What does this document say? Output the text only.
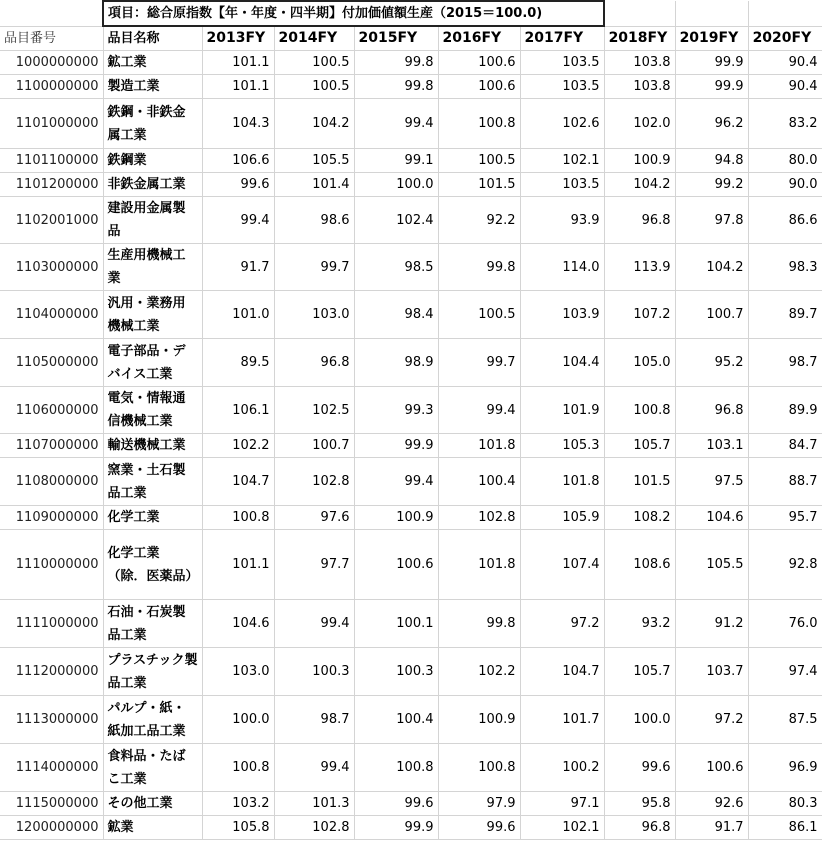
	項目：総合原指数【年・年度・四半期】付加価値額生産（2015＝100.0)								
品目番号	品目名称	2013FY	2014FY	2015FY	2016FY	2017FY	2018FY	2019FY	2020FY
1000000000	鉱工業	101.1	100.5	99.8	100.6	103.5	103.8	99.9	90.4
1100000000	製造工業	101.1	100.5	99.8	100.6	103.5	103.8	99.9	90.4
1101000000	鉄鋼・非鉄金属工業	104.3	104.2	99.4	100.8	102.6	102.0	96.2	83.2
1101100000	鉄鋼業	106.6	105.5	99.1	100.5	102.1	100.9	94.8	80.0
1101200000	非鉄金属工業	99.6	101.4	100.0	101.5	103.5	104.2	99.2	90.0
1102001000	建設用金属製品	99.4	98.6	102.4	92.2	93.9	96.8	97.8	86.6
1103000000	生産用機械工業	91.7	99.7	98.5	99.8	114.0	113.9	104.2	98.3
1104000000	汎用・業務用機械工業	101.0	103.0	98.4	100.5	103.9	107.2	100.7	89.7
1105000000	電子部品・デバイス工業	89.5	96.8	98.9	99.7	104.4	105.0	95.2	98.7
1106000000	電気・情報通信機械工業	106.1	102.5	99.3	99.4	101.9	100.8	96.8	89.9
1107000000	輸送機械工業	102.2	100.7	99.9	101.8	105.3	105.7	103.1	84.7
1108000000	窯業・土石製品工業	104.7	102.8	99.4	100.4	101.8	101.5	97.5	88.7
1109000000	化学工業	100.8	97.6	100.9	102.8	105.9	108.2	104.6	95.7
1110000000	化学工業（除．医薬品）	101.1	97.7	100.6	101.8	107.4	108.6	105.5	92.8
1111000000	石油・石炭製品工業	104.6	99.4	100.1	99.8	97.2	93.2	91.2	76.0
1112000000	プラスチック製品工業	103.0	100.3	100.3	102.2	104.7	105.7	103.7	97.4
1113000000	パルプ・紙・紙加工品工業	100.0	98.7	100.4	100.9	101.7	100.0	97.2	87.5
1114000000	食料品・たばこ工業	100.8	99.4	100.8	100.8	100.2	99.6	100.6	96.9
1115000000	その他工業	103.2	101.3	99.6	97.9	97.1	95.8	92.6	80.3
1200000000	鉱業	105.8	102.8	99.9	99.6	102.1	96.8	91.7	86.1
